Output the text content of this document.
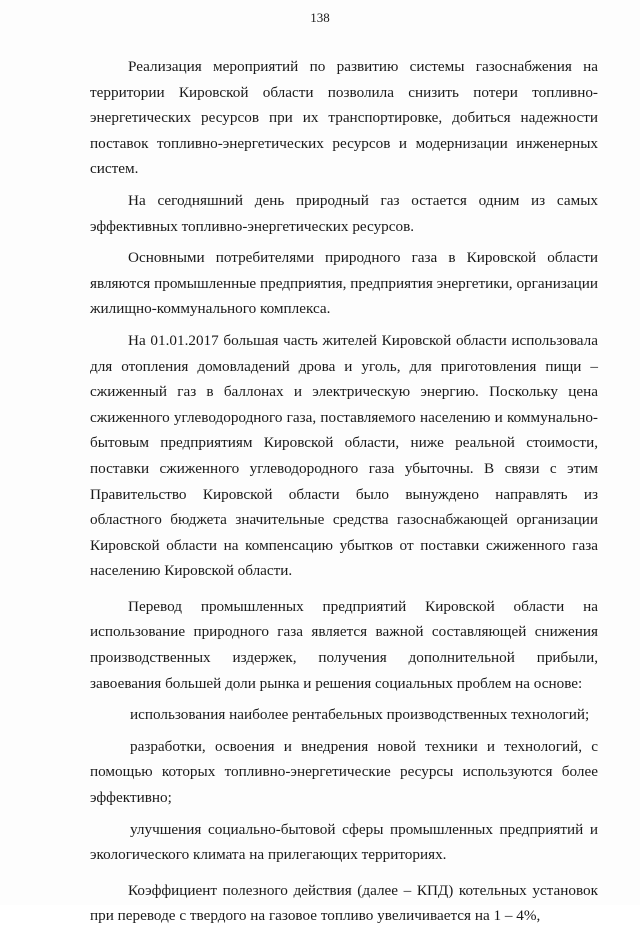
138

Реализация мероприятий по развитию системы газоснабжения на территории Кировской области позволила снизить потери топливно-энергетических ресурсов при их транспортировке, добиться надежности поставок топливно-энергетических ресурсов и модернизации инженерных систем.

На сегодняшний день природный газ остается одним из самых эффективных топливно-энергетических ресурсов.

Основными потребителями природного газа в Кировской области являются промышленные предприятия, предприятия энергетики, организации жилищно-коммунального комплекса.

На 01.01.2017 большая часть жителей Кировской области использовала для отопления домовладений дрова и уголь, для приготовления пищи – сжиженный газ в баллонах и электрическую энергию. Поскольку цена сжиженного углеводородного газа, поставляемого населению и коммунально-бытовым предприятиям Кировской области, ниже реальной стоимости, поставки сжиженного углеводородного газа убыточны. В связи с этим Правительство Кировской области было вынуждено направлять из областного бюджета значительные средства газоснабжающей организации Кировской области на компенсацию убытков от поставки сжиженного газа населению Кировской области.

Перевод промышленных предприятий Кировской области на использование природного газа является важной составляющей снижения производственных издержек, получения дополнительной прибыли, завоевания большей доли рынка и решения социальных проблем на основе:

использования наиболее рентабельных производственных технологий;

разработки, освоения и внедрения новой техники и технологий, с помощью которых топливно-энергетические ресурсы используются более эффективно;

улучшения социально-бытовой сферы промышленных предприятий и экологического климата на прилегающих территориях.

Коэффициент полезного действия (далее – КПД) котельных установок при переводе с твердого на газовое топливо увеличивается на 1 – 4%,
